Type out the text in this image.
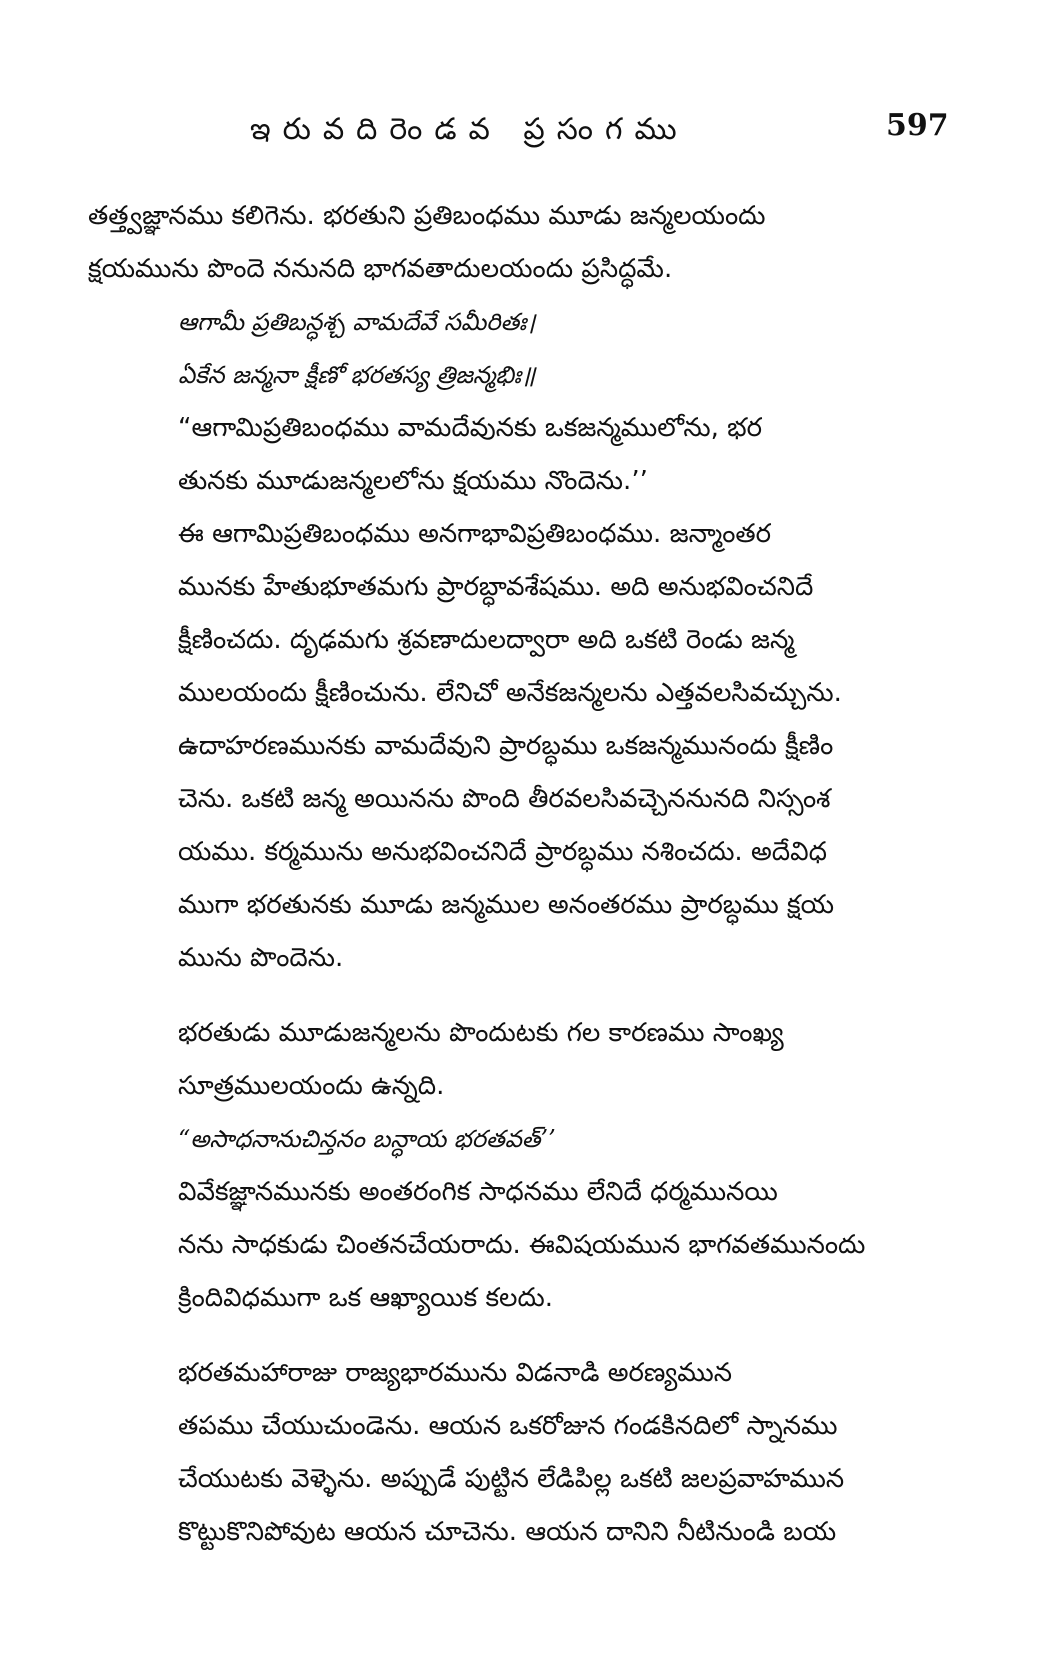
ఇరువదిరెండవ ప్రసంగము	597
తత్త్వజ్ఞానము కలిగెను. భరతుని ప్రతిబంధము మూడు జన్మలయందు
క్షయమును పొందె ననునది భాగవతాదులయందు ప్రసిద్ధమే.
ఆగామీ ప్రతిబన్ధశ్చ వామదేవే సమీరితః।
ఏకేన జన్మనా క్షీణో భరతస్య త్రిజన్మభిః॥
“ఆగామిప్రతిబంధము వామదేవునకు ఒకజన్మములోను, భర
తునకు మూడుజన్మలలోను క్షయము నొందెను.’’
ఈ ఆగామిప్రతిబంధము అనగాభావిప్రతిబంధము. జన్మాంతర
మునకు హేతుభూతమగు ప్రారబ్ధావశేషము. అది అనుభవించనిదే
క్షీణించదు. దృఢమగు శ్రవణాదులద్వారా అది ఒకటి రెండు జన్మ
ములయందు క్షీణించును. లేనిచో అనేకజన్మలను ఎత్తవలసివచ్చును.
ఉదాహరణమునకు వామదేవుని ప్రారబ్ధము ఒకజన్మమునందు క్షీణిం
చెను. ఒకటి జన్మ అయినను పొంది తీరవలసివచ్చెననునది నిస్సంశ
యము. కర్మమును అనుభవించనిదే ప్రారబ్ధము నశించదు. అదేవిధ
ముగా భరతునకు మూడు జన్మముల అనంతరము ప్రారబ్ధము క్షయ
మును పొందెను.
భరతుడు మూడుజన్మలను పొందుటకు గల కారణము సాంఖ్య
సూత్రములయందు ఉన్నది.
“అసాధనానుచిన్తనం బన్ధాయ భరతవత్’’
వివేకజ్ఞానమునకు అంతరంగిక సాధనము లేనిదే ధర్మమునయి
నను సాధకుడు చింతనచేయరాదు. ఈవిషయమున భాగవతమునందు
క్రిందివిధముగా ఒక ఆఖ్యాయిక కలదు.
భరతమహారాజు రాజ్యభారమును విడనాడి అరణ్యమున
తపము చేయుచుండెను. ఆయన ఒకరోజున గండకినదిలో స్నానము
చేయుటకు వెళ్ళెను. అప్పుడే పుట్టిన లేడిపిల్ల ఒకటి జలప్రవాహమున
కొట్టుకొనిపోవుట ఆయన చూచెను. ఆయన దానిని నీటినుండి బయ
